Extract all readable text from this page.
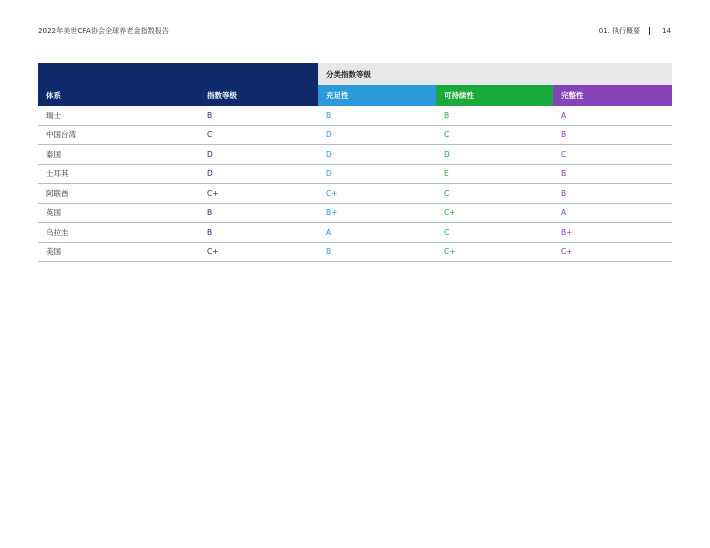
2022年美世CFA协会全球养老金指数报告	01. 执行概要	14
		分类指数等级		
体系	指数等级	充足性	可持续性	完整性
瑞士	B	B	B	A
中国台湾	C	D	C	B
泰国	D	D	D	C
土耳其	D	D	E	B
阿联酋	C+	C+	C	B
英国	B	B+	C+	A
乌拉圭	B	A	C	B+
美国	C+	B	C+	C+
